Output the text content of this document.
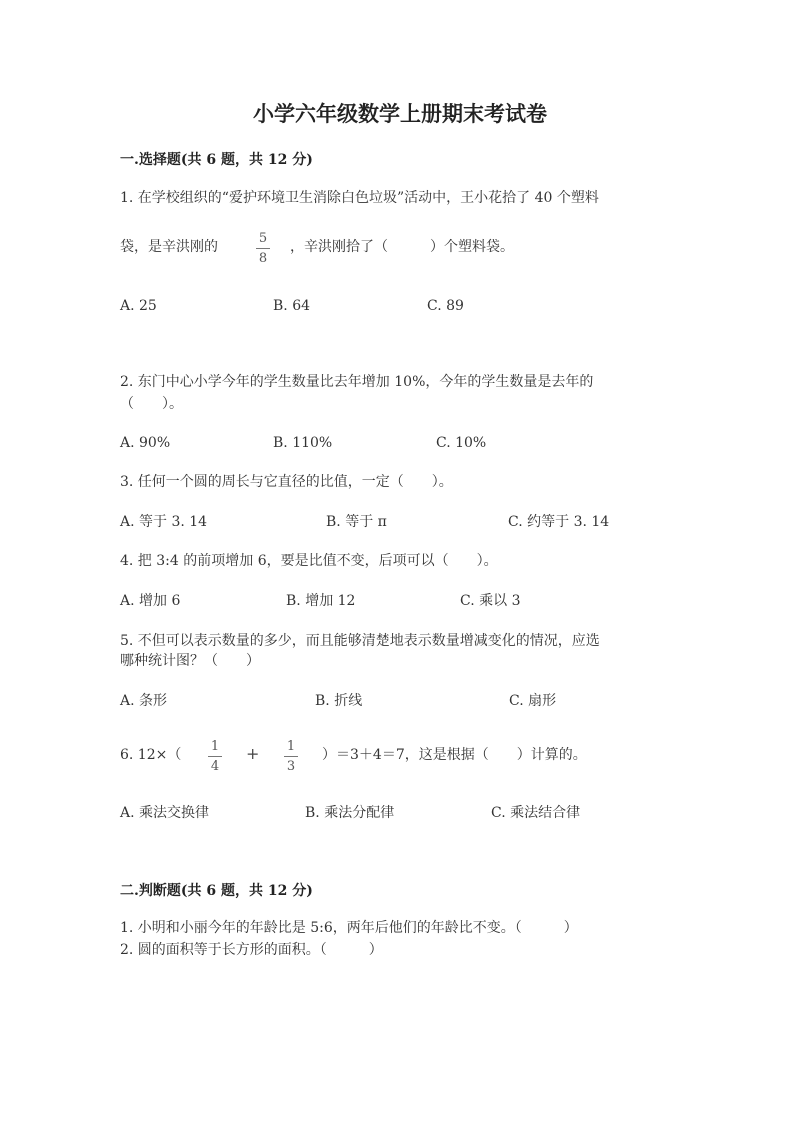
小学六年级数学上册期末考试卷
一.选择题(共 6 题，共 12 分)
1. 在学校组织的“爱护环境卫生消除白色垃圾”活动中，王小花拾了 40 个塑料
袋，是辛洪刚的
5
8
，辛洪刚拾了（　　　）个塑料袋。
A. 25	B. 64	C. 89
2. 东门中心小学今年的学生数量比去年增加 10%，今年的学生数量是去年的
（　　）。
A. 90%	B. 110%	C. 10%
3. 任何一个圆的周长与它直径的比值，一定（　　）。
A. 等于 3. 14	B. 等于 π	C. 约等于 3. 14
4. 把 3:4 的前项增加 6，要是比值不变，后项可以（　　）。
A. 增加 6	B. 增加 12	C. 乘以 3
5. 不但可以表示数量的多少，而且能够清楚地表示数量增减变化的情况，应选
哪种统计图？（　　）
A. 条形	B. 折线	C. 扇形
6. 12×（
1
4
+ 1
3
）＝3＋4＝7，这是根据（　　）计算的。
A. 乘法交换律	B. 乘法分配律	C. 乘法结合律
二.判断题(共 6 题，共 12 分)
1. 小明和小丽今年的年龄比是 5:6，两年后他们的年龄比不变。（　　　）
2. 圆的面积等于长方形的面积。（　　　）
